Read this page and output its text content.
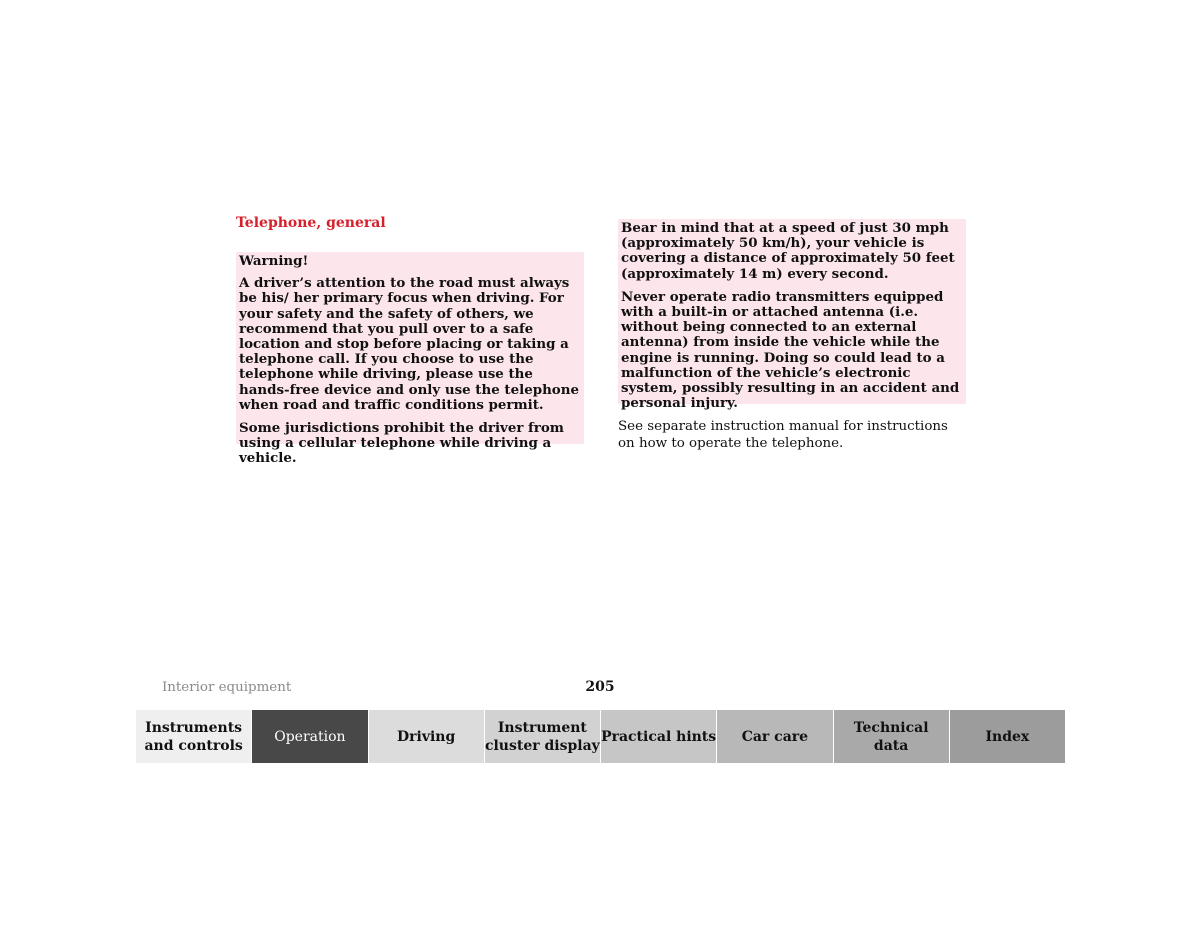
Telephone, general

Warning!

A driver’s attention to the road must always be his/ her primary focus when driving. For your safety and the safety of others, we recommend that you pull over to a safe location and stop before placing or taking a telephone call. If you choose to use the telephone while driving, please use the hands-free device and only use the telephone when road and traffic conditions permit.

Some jurisdictions prohibit the driver from using a cellular telephone while driving a vehicle.

Bear in mind that at a speed of just 30 mph (approximately 50 km/h), your vehicle is covering a distance of approximately 50 feet (approximately 14 m) every second.

Never operate radio transmitters equipped with a built-in or attached antenna (i.e. without being connected to an external antenna) from inside the vehicle while the engine is running. Doing so could lead to a malfunction of the vehicle’s electronic system, possibly resulting in an accident and personal injury.

See separate instruction manual for instructions on how to operate the telephone.

Interior equipment	205
Instruments
and controls
Operation	Driving
Instrument
cluster display
Practical hints	Car care
Technical
data
Index
